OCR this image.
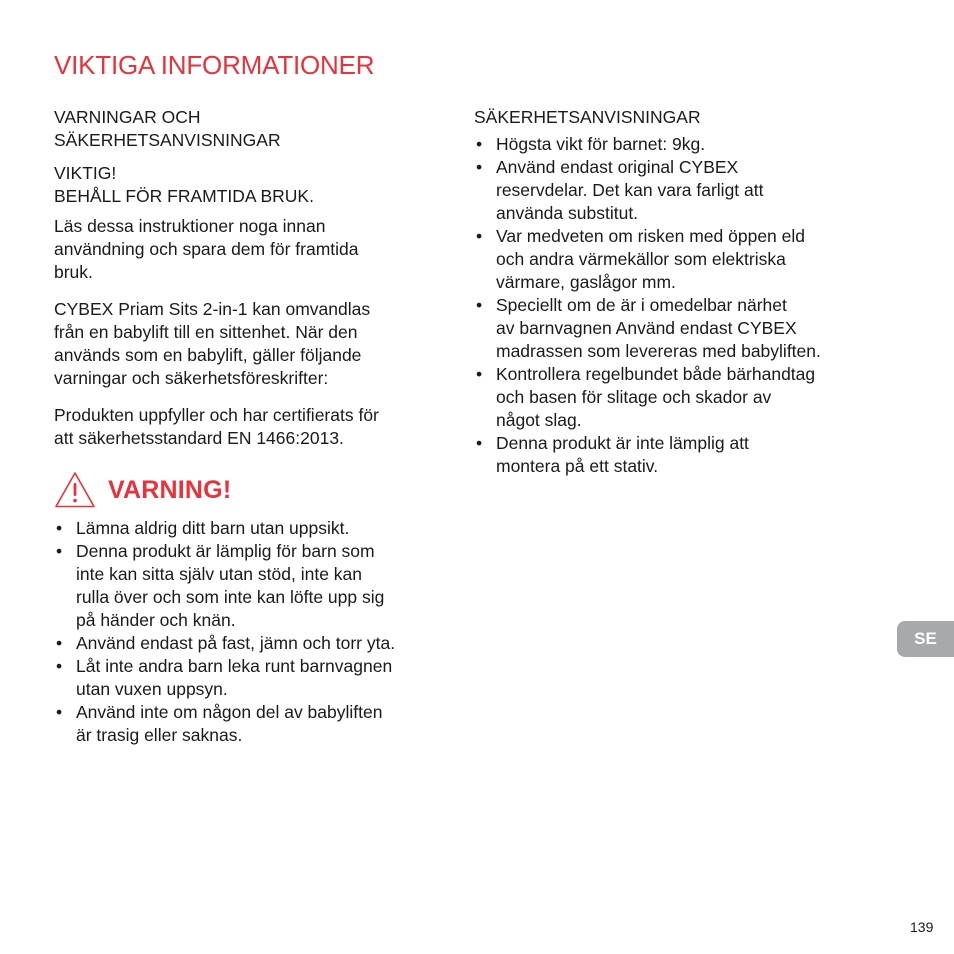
VIKTIGA INFORMATIONER
VARNINGAR OCH
SÄKERHETSANVISNINGAR
VIKTIG!
BEHÅLL FÖR FRAMTIDA BRUK.
Läs dessa instruktioner noga innan
användning och spara dem för framtida
bruk.
CYBEX Priam Sits 2-in-1 kan omvandlas
från en babylift till en sittenhet. När den
används som en babylift, gäller följande
varningar och säkerhetsföreskrifter:
Produkten uppfyller och har certifierats för
att säkerhetsstandard EN 1466:2013.
VARNING!
• Lämna aldrig ditt barn utan uppsikt.
• Denna produkt är lämplig för barn som
inte kan sitta själv utan stöd, inte kan
rulla över och som inte kan löfte upp sig
på händer och knän.
• Använd endast på fast, jämn och torr yta.
• Låt inte andra barn leka runt barnvagnen
utan vuxen uppsyn.
• Använd inte om någon del av babyliften
är trasig eller saknas.
SÄKERHETSANVISNINGAR
• Högsta vikt för barnet: 9kg.
• Använd endast original CYBEX
reservdelar. Det kan vara farligt att
använda substitut.
• Var medveten om risken med öppen eld
och andra värmekällor som elektriska
värmare, gaslågor mm.
• Speciellt om de är i omedelbar närhet
av barnvagnen Använd endast CYBEX
madrassen som levereras med babyliften.
• Kontrollera regelbundet både bärhandtag
och basen för slitage och skador av
något slag.
• Denna produkt är inte lämplig att
montera på ett stativ.
SE
139
